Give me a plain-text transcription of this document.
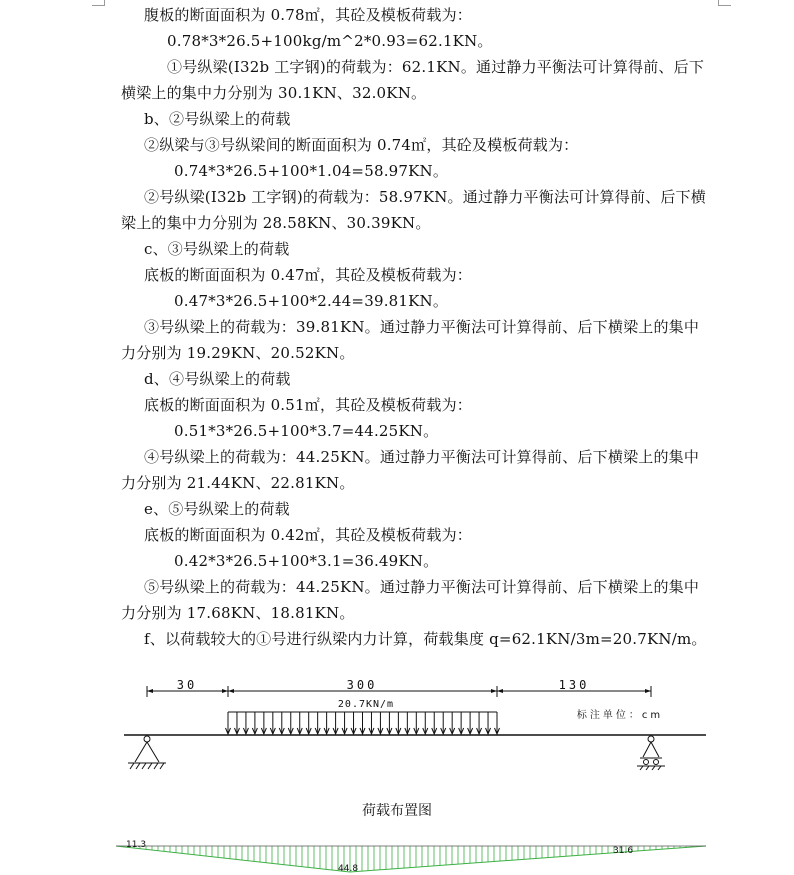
腹板的断面面积为 0.78㎡，其砼及模板荷载为：
0.78*3*26.5+100kg/m^2*0.93=62.1KN。
①号纵梁(I32b 工字钢)的荷载为：62.1KN。通过静力平衡法可计算得前、后下
横梁上的集中力分别为 30.1KN、32.0KN。
b、②号纵梁上的荷载
②纵梁与③号纵梁间的断面面积为 0.74㎡，其砼及模板荷载为：
0.74*3*26.5+100*1.04=58.97KN。
②号纵梁(I32b 工字钢)的荷载为：58.97KN。通过静力平衡法可计算得前、后下横
梁上的集中力分别为 28.58KN、30.39KN。
c、③号纵梁上的荷载
底板的断面面积为 0.47㎡，其砼及模板荷载为：
0.47*3*26.5+100*2.44=39.81KN。
③号纵梁上的荷载为：39.81KN。通过静力平衡法可计算得前、后下横梁上的集中
力分别为 19.29KN、20.52KN。
d、④号纵梁上的荷载
底板的断面面积为 0.51㎡，其砼及模板荷载为：
0.51*3*26.5+100*3.7=44.25KN。
④号纵梁上的荷载为：44.25KN。通过静力平衡法可计算得前、后下横梁上的集中
力分别为 21.44KN、22.81KN。
e、⑤号纵梁上的荷载
底板的断面面积为 0.42㎡，其砼及模板荷载为：
0.42*3*26.5+100*3.1=36.49KN。
⑤号纵梁上的荷载为：44.25KN。通过静力平衡法可计算得前、后下横梁上的集中
力分别为 17.68KN、18.81KN。
f、以荷载较大的①号进行纵梁内力计算，荷载集度 q=62.1KN/3m=20.7KN/m。
30	300	130
20.7KN/m
标注单位：cm
荷载布置图
11.3
44.8
31.6
